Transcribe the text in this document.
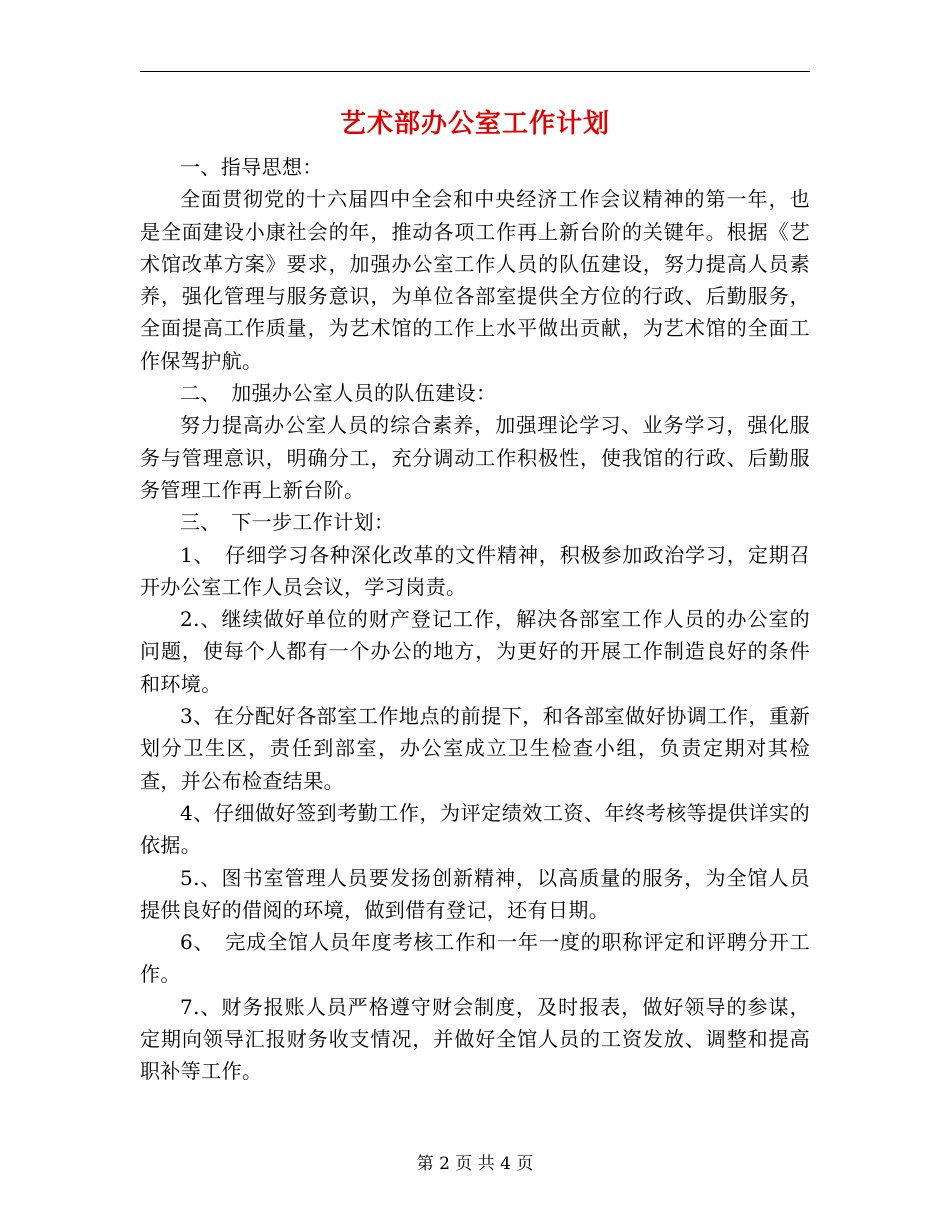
艺术部办公室工作计划

一、指导思想：

全面贯彻党的十六届四中全会和中央经济工作会议精神的第一年，也是全面建设小康社会的年，推动各项工作再上新台阶的关键年。根据《艺术馆改革方案》要求，加强办公室工作人员的队伍建设，努力提高人员素养，强化管理与服务意识，为单位各部室提供全方位的行政、后勤服务，全面提高工作质量，为艺术馆的工作上水平做出贡献，为艺术馆的全面工作保驾护航。

二、　加强办公室人员的队伍建设：

努力提高办公室人员的综合素养，加强理论学习、业务学习，强化服务与管理意识，明确分工，充分调动工作积极性，使我馆的行政、后勤服务管理工作再上新台阶。

三、　下一步工作计划：

1、　仔细学习各种深化改革的文件精神，积极参加政治学习，定期召开办公室工作人员会议，学习岗责。

2.、继续做好单位的财产登记工作，解决各部室工作人员的办公室的问题，使每个人都有一个办公的地方，为更好的开展工作制造良好的条件和环境。

3、在分配好各部室工作地点的前提下，和各部室做好协调工作，重新划分卫生区，责任到部室，办公室成立卫生检查小组，负责定期对其检查，并公布检查结果。

4、仔细做好签到考勤工作，为评定绩效工资、年终考核等提供详实的依据。

5.、图书室管理人员要发扬创新精神，以高质量的服务，为全馆人员提供良好的借阅的环境，做到借有登记，还有日期。

6、　完成全馆人员年度考核工作和一年一度的职称评定和评聘分开工作。

7.、财务报账人员严格遵守财会制度，及时报表，做好领导的参谋，定期向领导汇报财务收支情况，并做好全馆人员的工资发放、调整和提高职补等工作。

第 2 页 共 4 页
